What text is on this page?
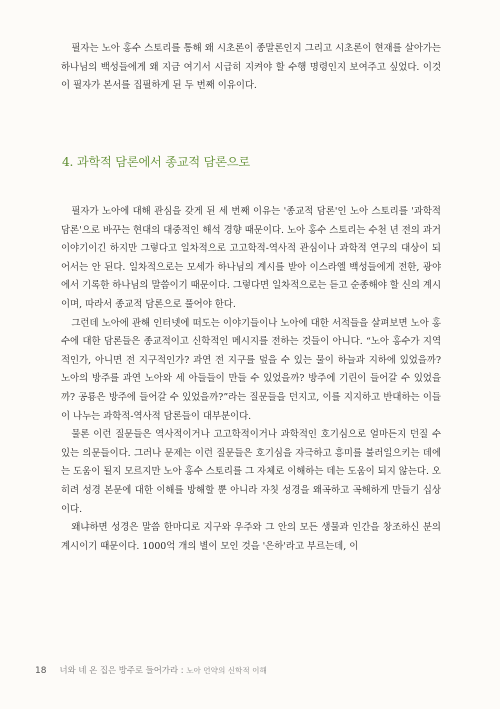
필자는 노아 홍수 스토리를 통해 왜 시초론이 종말론인지 그리고 시초론이 현재를 살아가는 하나님의 백성들에게 왜 지금 여기서 시급히 지켜야 할 수행 명령인지 보여주고 싶었다. 이것이 필자가 본서를 집필하게 된 두 번째 이유이다.

4. 과학적 담론에서 종교적 담론으로

필자가 노아에 대해 관심을 갖게 된 세 번째 이유는 '종교적 담론'인 노아 스토리를 '과학적 담론'으로 바꾸는 현대의 대중적인 해석 경향 때문이다. 노아 홍수 스토리는 수천 년 전의 과거 이야기이긴 하지만 그렇다고 일차적으로 고고학적-역사적 관심이나 과학적 연구의 대상이 되어서는 안 된다. 일차적으로는 모세가 하나님의 계시를 받아 이스라엘 백성들에게 전한, 광야에서 기록한 하나님의 말씀이기 때문이다. 그렇다면 일차적으로는 듣고 순종해야 할 신의 계시이며, 따라서 종교적 담론으로 풀어야 한다.

그런데 노아에 관해 인터넷에 떠도는 이야기들이나 노아에 대한 서적들을 살펴보면 노아 홍수에 대한 담론들은 종교적이고 신학적인 메시지를 전하는 것들이 아니다. “노아 홍수가 지역적인가, 아니면 전 지구적인가? 과연 전 지구를 덮을 수 있는 물이 하늘과 지하에 있었을까? 노아의 방주를 과연 노아와 세 아들들이 만들 수 있었을까? 방주에 기린이 들어갈 수 있었을까? 공룡은 방주에 들어갈 수 있었을까?”라는 질문들을 던지고, 이를 지지하고 반대하는 이들이 나누는 과학적-역사적 담론들이 대부분이다.

물론 이런 질문들은 역사적이거나 고고학적이거나 과학적인 호기심으로 얼마든지 던질 수 있는 의문들이다. 그러나 문제는 이런 질문들은 호기심을 자극하고 흥미를 불러일으키는 데에는 도움이 될지 모르지만 노아 홍수 스토리를 그 자체로 이해하는 데는 도움이 되지 않는다. 오히려 성경 본문에 대한 이해를 방해할 뿐 아니라 자칫 성경을 왜곡하고 곡해하게 만들기 십상이다.

왜냐하면 성경은 말씀 한마디로 지구와 우주와 그 안의 모든 생물과 인간을 창조하신 분의 계시이기 때문이다. 1000억 개의 별이 모인 것을 '은하'라고 부르는데, 이

18 너와 네 온 집은 방주로 들어가라 : 노아 언약의 신학적 이해
